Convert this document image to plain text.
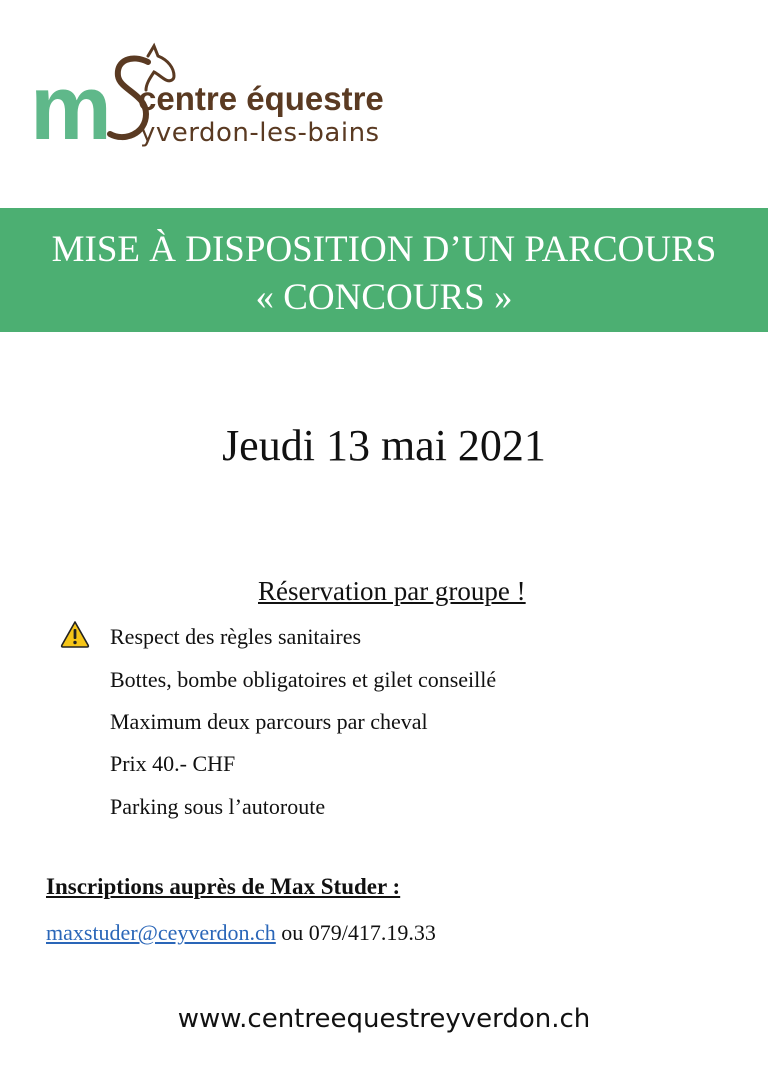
m centre équestre
yverdon-les-bains
MISE À DISPOSITION D’UN PARCOURS
« CONCOURS »
Jeudi 13 mai 2021
Réservation par groupe !
Respect des règles sanitaires
Bottes, bombe obligatoires et gilet conseillé
Maximum deux parcours par cheval
Prix 40.- CHF
Parking sous l’autoroute
Inscriptions auprès de Max Studer :
maxstuder@ceyverdon.ch ou 079/417.19.33
www.centreequestreyverdon.ch
